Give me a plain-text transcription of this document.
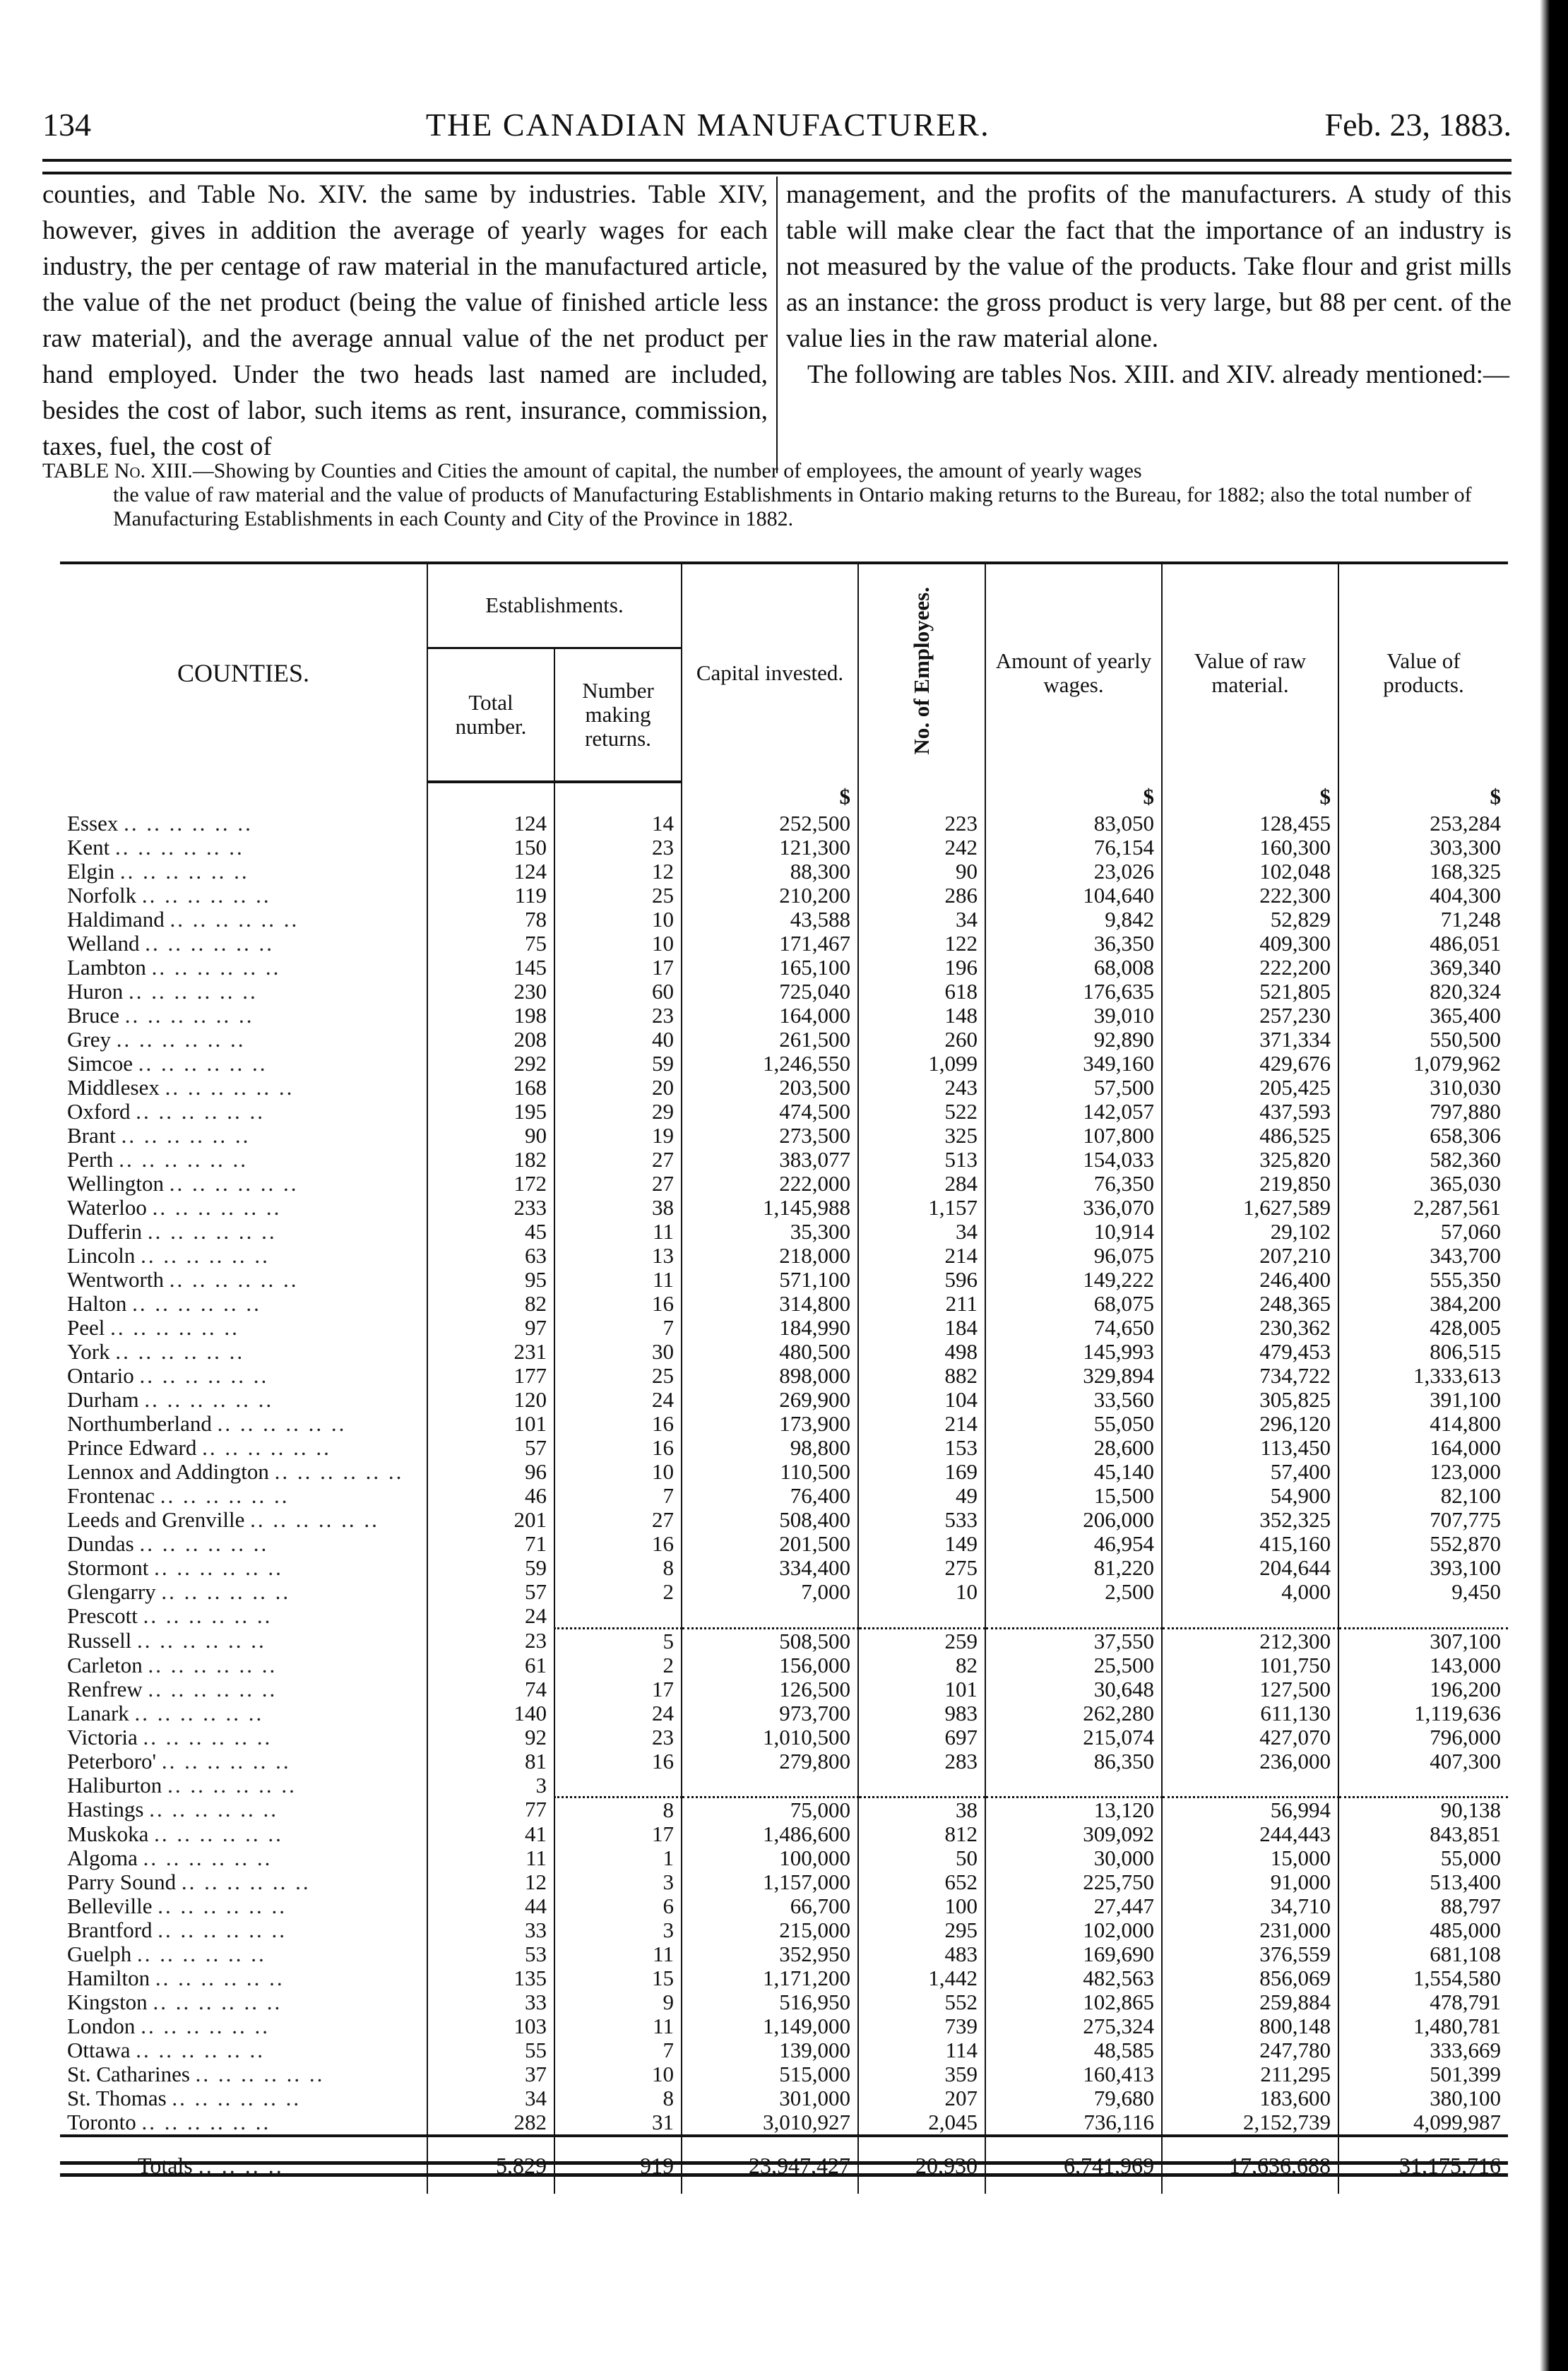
134	THE CANADIAN MANUFACTURER.	Feb. 23, 1883.

counties, and Table No. XIV. the same by industries. Table XIV, however, gives in addition the average of yearly wages for each industry, the per centage of raw material in the manufactured article, the value of the net product (being the value of finished article less raw material), and the average annual value of the net product per hand employed. Under the two heads last named are included, besides the cost of labor, such items as rent, insurance, commission, taxes, fuel, the cost of

management, and the profits of the manufacturers. A study of this table will make clear the fact that the importance of an industry is not measured by the value of the products. Take flour and grist mills as an instance: the gross product is very large, but 88 per cent. of the value lies in the raw material alone.

The following are tables Nos. XIII. and XIV. already mentioned:—

TABLE No. XIII.—Showing by Counties and Cities the amount of capital, the number of employees, the amount of yearly wages
the value of raw material and the value of products of Manufacturing Establishments in Ontario making returns to the Bureau, for 1882; also the total number of Manufacturing Establishments in each County and City of the Province in 1882.
COUNTIES.	Establishments.		Capital invested.	No. of Employees.	Amount of yearly wages.	Value of raw material.	Value of products.
	Total number.	Number making returns.					
			$		$	$	$
Essex .. .. .. .. .. ..	124	14	252,500	223	83,050	128,455	253,284
Kent .. .. .. .. .. ..	150	23	121,300	242	76,154	160,300	303,300
Elgin .. .. .. .. .. ..	124	12	88,300	90	23,026	102,048	168,325
Norfolk .. .. .. .. .. ..	119	25	210,200	286	104,640	222,300	404,300
Haldimand .. .. .. .. .. ..	78	10	43,588	34	9,842	52,829	71,248
Welland .. .. .. .. .. ..	75	10	171,467	122	36,350	409,300	486,051
Lambton .. .. .. .. .. ..	145	17	165,100	196	68,008	222,200	369,340
Huron .. .. .. .. .. ..	230	60	725,040	618	176,635	521,805	820,324
Bruce .. .. .. .. .. ..	198	23	164,000	148	39,010	257,230	365,400
Grey .. .. .. .. .. ..	208	40	261,500	260	92,890	371,334	550,500
Simcoe .. .. .. .. .. ..	292	59	1,246,550	1,099	349,160	429,676	1,079,962
Middlesex .. .. .. .. .. ..	168	20	203,500	243	57,500	205,425	310,030
Oxford .. .. .. .. .. ..	195	29	474,500	522	142,057	437,593	797,880
Brant .. .. .. .. .. ..	90	19	273,500	325	107,800	486,525	658,306
Perth .. .. .. .. .. ..	182	27	383,077	513	154,033	325,820	582,360
Wellington .. .. .. .. .. ..	172	27	222,000	284	76,350	219,850	365,030
Waterloo .. .. .. .. .. ..	233	38	1,145,988	1,157	336,070	1,627,589	2,287,561
Dufferin .. .. .. .. .. ..	45	11	35,300	34	10,914	29,102	57,060
Lincoln .. .. .. .. .. ..	63	13	218,000	214	96,075	207,210	343,700
Wentworth .. .. .. .. .. ..	95	11	571,100	596	149,222	246,400	555,350
Halton .. .. .. .. .. ..	82	16	314,800	211	68,075	248,365	384,200
Peel .. .. .. .. .. ..	97	7	184,990	184	74,650	230,362	428,005
York .. .. .. .. .. ..	231	30	480,500	498	145,993	479,453	806,515
Ontario .. .. .. .. .. ..	177	25	898,000	882	329,894	734,722	1,333,613
Durham .. .. .. .. .. ..	120	24	269,900	104	33,560	305,825	391,100
Northumberland .. .. .. .. .. ..	101	16	173,900	214	55,050	296,120	414,800
Prince Edward .. .. .. .. .. ..	57	16	98,800	153	28,600	113,450	164,000
Lennox and Addington .. .. .. .. .. ..	96	10	110,500	169	45,140	57,400	123,000
Frontenac .. .. .. .. .. ..	46	7	76,400	49	15,500	54,900	82,100
Leeds and Grenville .. .. .. .. .. ..	201	27	508,400	533	206,000	352,325	707,775
Dundas .. .. .. .. .. ..	71	16	201,500	149	46,954	415,160	552,870
Stormont .. .. .. .. .. ..	59	8	334,400	275	81,220	204,644	393,100
Glengarry .. .. .. .. .. ..	57	2	7,000	10	2,500	4,000	9,450
Prescott .. .. .. .. .. ..	24						
Russell .. .. .. .. .. ..	23	5	508,500	259	37,550	212,300	307,100
Carleton .. .. .. .. .. ..	61	2	156,000	82	25,500	101,750	143,000
Renfrew .. .. .. .. .. ..	74	17	126,500	101	30,648	127,500	196,200
Lanark .. .. .. .. .. ..	140	24	973,700	983	262,280	611,130	1,119,636
Victoria .. .. .. .. .. ..	92	23	1,010,500	697	215,074	427,070	796,000
Peterboro' .. .. .. .. .. ..	81	16	279,800	283	86,350	236,000	407,300
Haliburton .. .. .. .. .. ..	3						
Hastings .. .. .. .. .. ..	77	8	75,000	38	13,120	56,994	90,138
Muskoka .. .. .. .. .. ..	41	17	1,486,600	812	309,092	244,443	843,851
Algoma .. .. .. .. .. ..	11	1	100,000	50	30,000	15,000	55,000
Parry Sound .. .. .. .. .. ..	12	3	1,157,000	652	225,750	91,000	513,400
Belleville .. .. .. .. .. ..	44	6	66,700	100	27,447	34,710	88,797
Brantford .. .. .. .. .. ..	33	3	215,000	295	102,000	231,000	485,000
Guelph .. .. .. .. .. ..	53	11	352,950	483	169,690	376,559	681,108
Hamilton .. .. .. .. .. ..	135	15	1,171,200	1,442	482,563	856,069	1,554,580
Kingston .. .. .. .. .. ..	33	9	516,950	552	102,865	259,884	478,791
London .. .. .. .. .. ..	103	11	1,149,000	739	275,324	800,148	1,480,781
Ottawa .. .. .. .. .. ..	55	7	139,000	114	48,585	247,780	333,669
St. Catharines .. .. .. .. .. ..	37	10	515,000	359	160,413	211,295	501,399
St. Thomas .. .. .. .. .. ..	34	8	301,000	207	79,680	183,600	380,100
Toronto .. .. .. .. .. ..	282	31	3,010,927	2,045	736,116	2,152,739	4,099,987
Totals .. .. .. ..	5,829	919	23,947,427	20,930	6,741,969	17,636,688	31,175,716
